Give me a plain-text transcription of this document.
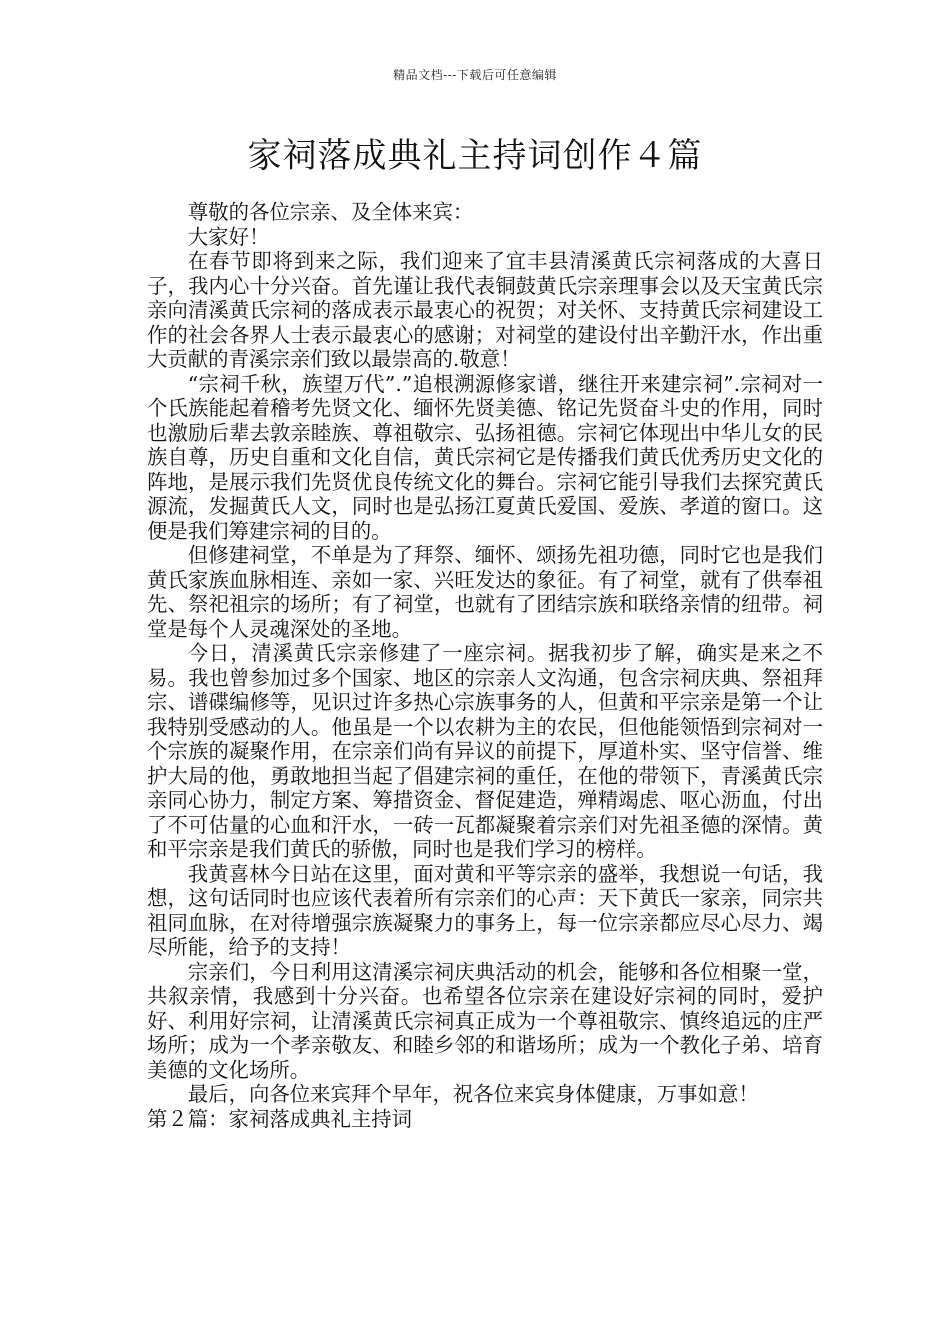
精品文档---下载后可任意编辑
家祠落成典礼主持词创作４篇

尊敬的各位宗亲、及全体来宾：

大家好！

在春节即将到来之际，我们迎来了宜丰县清溪黄氏宗祠落成的大喜日子，我内心十分兴奋。首先谨让我代表铜鼓黄氏宗亲理事会以及天宝黄氏宗亲向清溪黄氏宗祠的落成表示最衷心的祝贺；对关怀、支持黄氏宗祠建设工作的社会各界人士表示最衷心的感谢；对祠堂的建设付出辛勤汗水，作出重大贡献的青溪宗亲们致以最崇高的.敬意！

“宗祠千秋，族望万代”.”追根溯源修家谱，继往开来建宗祠”.宗祠对一个氏族能起着稽考先贤文化、缅怀先贤美德、铭记先贤奋斗史的作用，同时也激励后辈去敦亲睦族、尊祖敬宗、弘扬祖德。宗祠它体现出中华儿女的民族自尊，历史自重和文化自信，黄氏宗祠它是传播我们黄氏优秀历史文化的阵地，是展示我们先贤优良传统文化的舞台。宗祠它能引导我们去探究黄氏源流，发掘黄氏人文，同时也是弘扬江夏黄氏爱国、爱族、孝道的窗口。这便是我们筹建宗祠的目的。

但修建祠堂，不单是为了拜祭、缅怀、颂扬先祖功德，同时它也是我们黄氏家族血脉相连、亲如一家、兴旺发达的象征。有了祠堂，就有了供奉祖先、祭祀祖宗的场所；有了祠堂，也就有了团结宗族和联络亲情的纽带。祠堂是每个人灵魂深处的圣地。

今日，清溪黄氏宗亲修建了一座宗祠。据我初步了解，确实是来之不易。我也曾参加过多个国家、地区的宗亲人文沟通，包含宗祠庆典、祭祖拜宗、谱碟编修等，见识过许多热心宗族事务的人，但黄和平宗亲是第一个让我特别受感动的人。他虽是一个以农耕为主的农民，但他能领悟到宗祠对一个宗族的凝聚作用，在宗亲们尚有异议的前提下，厚道朴实、坚守信誉、维护大局的他，勇敢地担当起了倡建宗祠的重任，在他的带领下，青溪黄氏宗亲同心协力，制定方案、筹措资金、督促建造，殚精竭虑、呕心沥血，付出了不可估量的心血和汗水，一砖一瓦都凝聚着宗亲们对先祖圣德的深情。黄和平宗亲是我们黄氏的骄傲，同时也是我们学习的榜样。

我黄喜林今日站在这里，面对黄和平等宗亲的盛举，我想说一句话，我想，这句话同时也应该代表着所有宗亲们的心声：天下黄氏一家亲，同宗共祖同血脉，在对待增强宗族凝聚力的事务上，每一位宗亲都应尽心尽力、竭尽所能，给予的支持！

宗亲们，今日利用这清溪宗祠庆典活动的机会，能够和各位相聚一堂，共叙亲情，我感到十分兴奋。也希望各位宗亲在建设好宗祠的同时，爱护好、利用好宗祠，让清溪黄氏宗祠真正成为一个尊祖敬宗、慎终追远的庄严场所；成为一个孝亲敬友、和睦乡邻的和谐场所；成为一个教化子弟、培育美德的文化场所。

最后，向各位来宾拜个早年，祝各位来宾身体健康，万事如意！

第２篇：家祠落成典礼主持词
